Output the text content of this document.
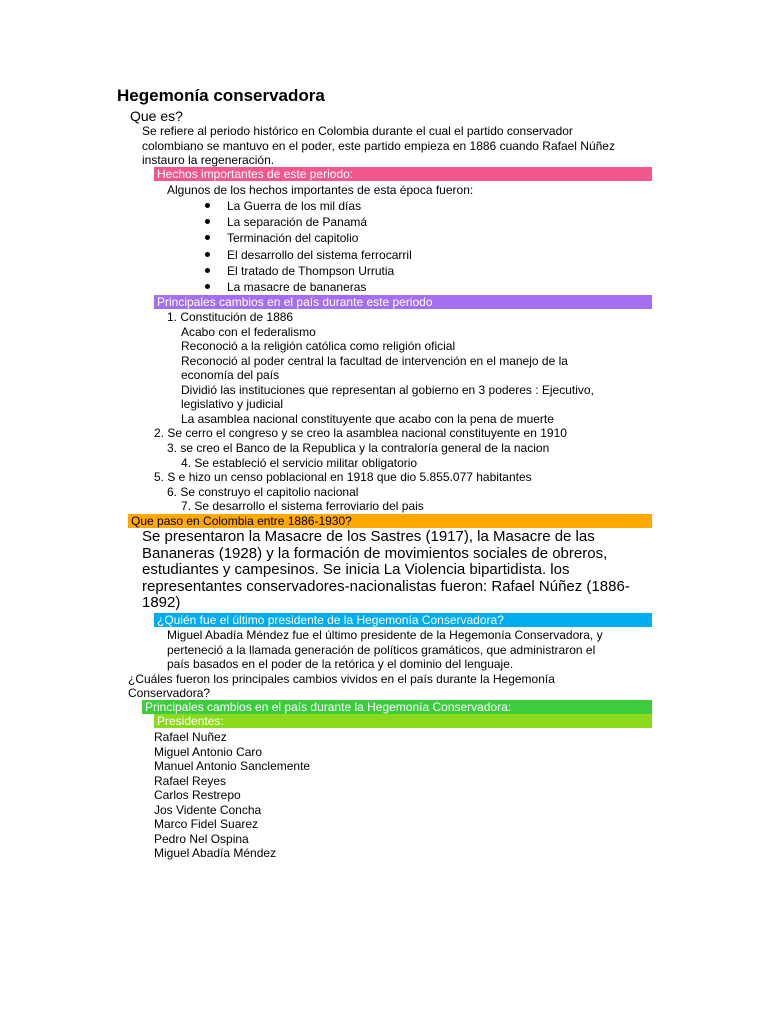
Hegemonía conservadora
Que es?
Se refiere al periodo histórico en Colombia durante el cual el partido conservador
colombiano se mantuvo en el poder, este partido empieza en 1886 cuando Rafael Núñez
instauro la regeneración.
Hechos importantes de este periodo:
Algunos de los hechos importantes de esta época fueron:
La Guerra de los mil días
La separación de Panamá
Terminación del capitolio
El desarrollo del sistema ferrocarril
El tratado de Thompson Urrutia
La masacre de bananeras
Principales cambios en el país durante este periodo
1. Constitución de 1886
Acabo con el federalismo
Reconoció a la religión católica como religión oficial
Reconoció al poder central la facultad de intervención en el manejo de la
economía del país
Dividió las instituciones que representan al gobierno en 3 poderes : Ejecutivo,
legislativo y judicial
La asamblea nacional constituyente que acabo con la pena de muerte
2. Se cerro el congreso y se creo la asamblea nacional constituyente en 1910
3. se creo el Banco de la Republica y la contraloría general de la nacion
4. Se estableció el servicio militar obligatorio
5. S e hizo un censo poblacional en 1918 que dio 5.855.077 habitantes
6. Se construyo el capitolio nacional
7. Se desarrollo el sistema ferroviario del pais
Que paso en Colombia entre 1886-1930?
Se presentaron la Masacre de los Sastres (1917), la Masacre de las Bananeras (1928) y la formación de movimientos sociales de obreros, estudiantes y campesinos. Se inicia La Violencia bipartidista. los representantes conservadores-nacionalistas fueron: Rafael Núñez (1886-1892)
¿Quién fue el último presidente de la Hegemonía Conservadora?
Miguel Abadía Méndez fue el último presidente de la Hegemonía Conservadora, y
perteneció a la llamada generación de políticos gramáticos, que administraron el
país basados en el poder de la retórica y el dominio del lenguaje.
¿Cuáles fueron los principales cambios vividos en el país durante la Hegemonía
Conservadora?
Principales cambios en el país durante la Hegemonía Conservadora:
Presidentes:
Rafael Nuñez
Miguel Antonio Caro
Manuel Antonio Sanclemente
Rafael Reyes
Carlos Restrepo
Jos Vidente Concha
Marco Fidel Suarez
Pedro Nel Ospina
Miguel Abadía Méndez
